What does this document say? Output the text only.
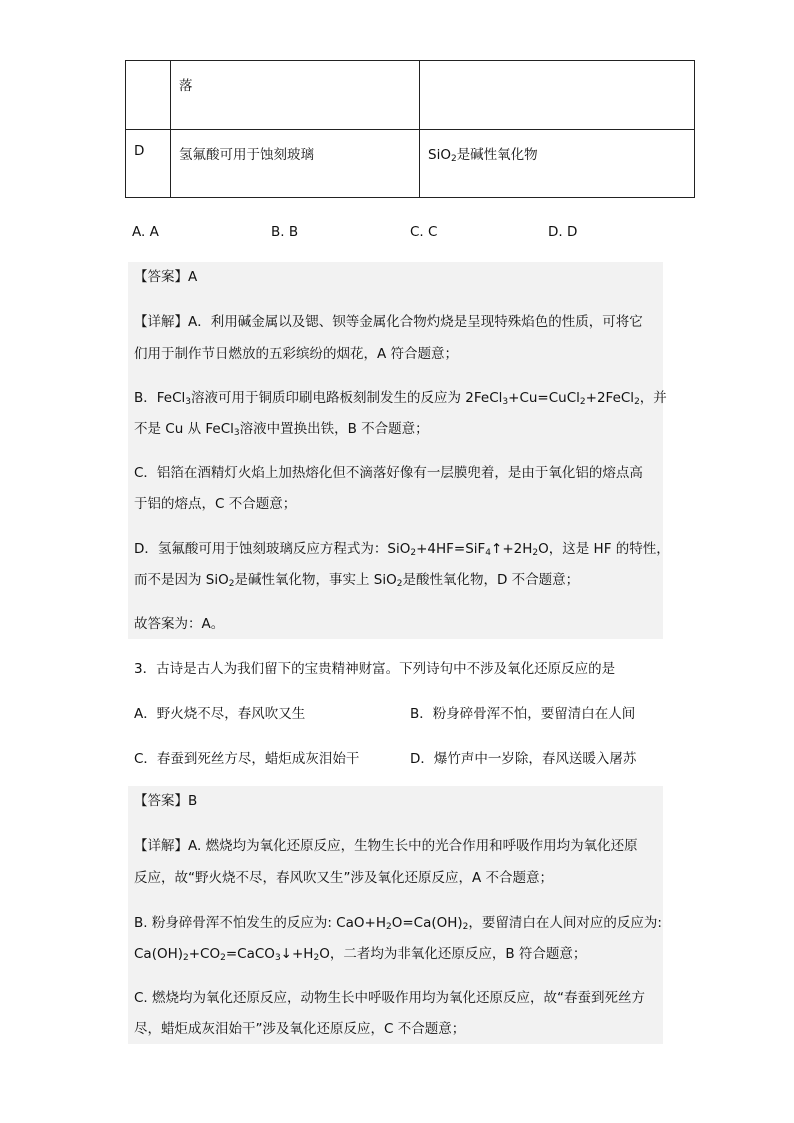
	落	
D	氢氟酸可用于蚀刻玻璃	SiO$_2$是碱性氧化物
A. A	B. B	C. C	D. D
【答案】A
【详解】A．利用碱金属以及锶、钡等金属化合物灼烧是呈现特殊焰色的性质，可将它
们用于制作节日燃放的五彩缤纷的烟花，A 符合题意；
B．FeCl$_3$溶液可用于铜质印刷电路板刻制发生的反应为 2FeCl$_3$+Cu=CuCl$_2$+2FeCl$_2$，并
不是 Cu 从 FeCl$_3$溶液中置换出铁，B 不合题意；
C．铝箔在酒精灯火焰上加热熔化但不滴落好像有一层膜兜着，是由于氧化铝的熔点高
于铝的熔点，C 不合题意；
D．氢氟酸可用于蚀刻玻璃反应方程式为：$SiO_2+4HF=SiF_4↑+2H_2O$，这是 HF 的特性，
而不是因为 SiO$_2$是碱性氧化物，事实上 SiO$_2$是酸性氧化物，D 不合题意；
故答案为：A。
3．古诗是古人为我们留下的宝贵精神财富。下列诗句中不涉及氧化还原反应的是
A．野火烧不尽，春风吹又生	B．粉身碎骨浑不怕，要留清白在人间
C．春蚕到死丝方尽，蜡炬成灰泪始干	D．爆竹声中一岁除，春风送暖入屠苏
【答案】B
【详解】A. 燃烧均为氧化还原反应，生物生长中的光合作用和呼吸作用均为氧化还原
反应，故“野火烧不尽，春风吹又生”涉及氧化还原反应，A 不合题意；
B. 粉身碎骨浑不怕发生的反应为: $CaO+H_2O=Ca(OH)_2$，要留清白在人间对应的反应为:
$Ca(OH)_2+CO_2=CaCO_3↓+H_2O$，二者均为非氧化还原反应，B 符合题意；
C. 燃烧均为氧化还原反应，动物生长中呼吸作用均为氧化还原反应，故“春蚕到死丝方
尽，蜡炬成灰泪始干”涉及氧化还原反应，C 不合题意；
